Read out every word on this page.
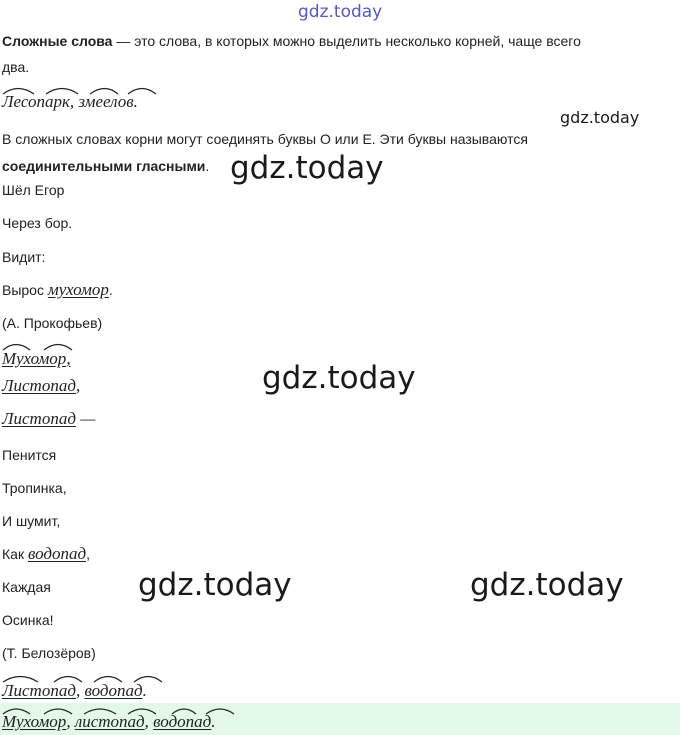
gdz.today
gdz.today
gdz.today
gdz.today
gdz.today	gdz.today
Сложные слова — это слова, в которых можно выделить несколько корней, чаще всего
два.
Лесопарк, змеелов.
В сложных словах корни могут соединять буквы О или Е. Эти буквы называются
соединительными гласными.
Шёл Егор
Через бор.
Видит:
Вырос мухомор.
(А. Прокофьев)
Мухомор,
Листопад,
Листопад —
Пенится
Тропинка,
И шумит,
Как водопад,
Каждая
Осинка!
(Т. Белозёров)
Листопад, водопад.
Мухомор, листопад, водопад.
